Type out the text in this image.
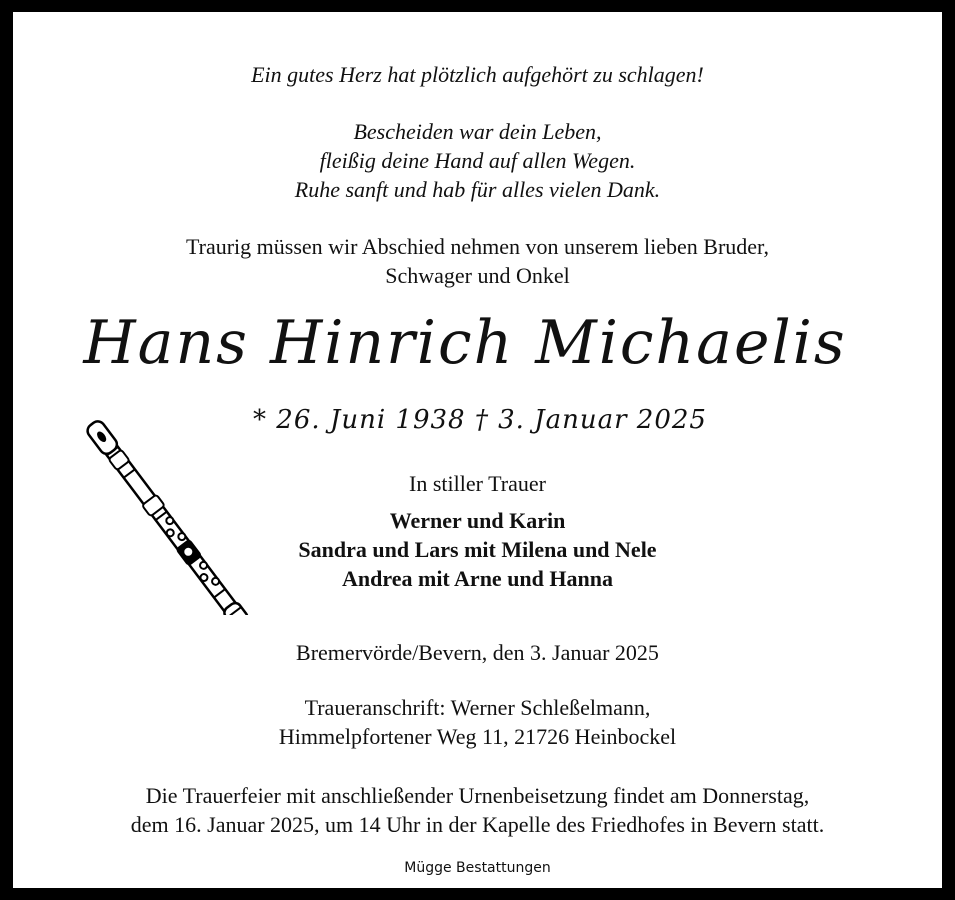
Ein gutes Herz hat plötzlich aufgehört zu schlagen!
Bescheiden war dein Leben,
fleißig deine Hand auf allen Wegen.
Ruhe sanft und hab für alles vielen Dank.
Traurig müssen wir Abschied nehmen von unserem lieben Bruder,
Schwager und Onkel
Hans Hinrich Michaelis
* 26. Juni 1938 † 3. Januar 2025
In stiller Trauer
Werner und Karin
Sandra und Lars mit Milena und Nele
Andrea mit Arne und Hanna
Bremervörde/Bevern, den 3. Januar 2025
Traueranschrift: Werner Schleßelmann,
Himmelpfortener Weg 11, 21726 Heinbockel
Die Trauerfeier mit anschließender Urnenbeisetzung findet am Donnerstag,
dem 16. Januar 2025, um 14 Uhr in der Kapelle des Friedhofes in Bevern statt.
Mügge Bestattungen
